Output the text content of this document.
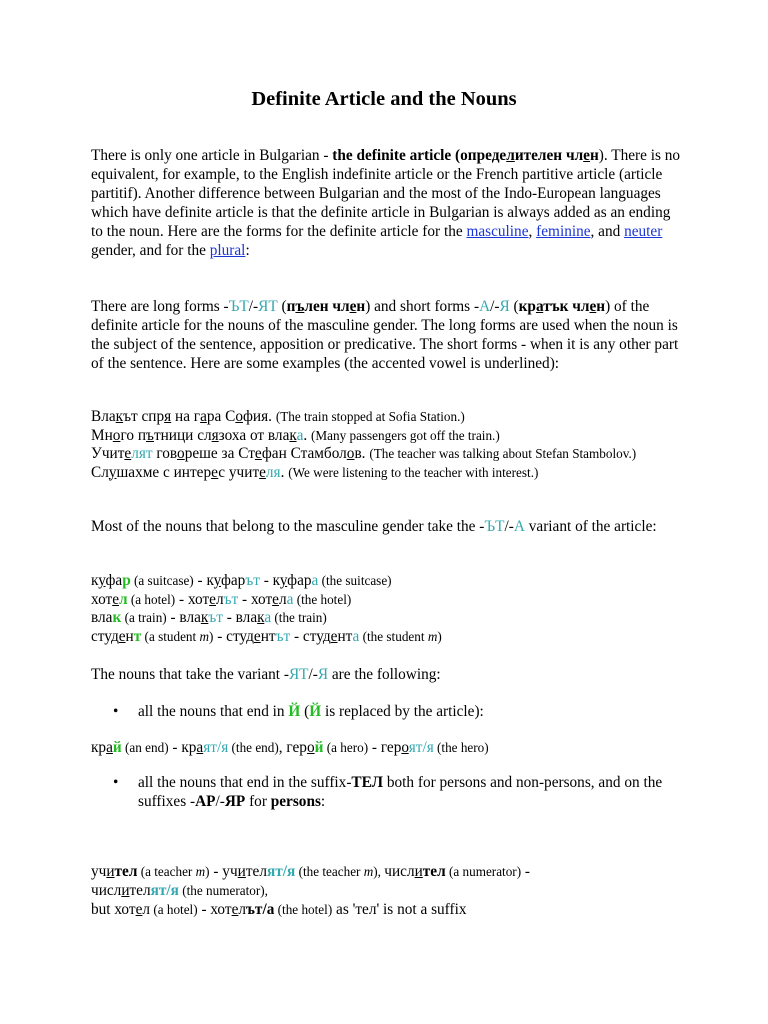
Definite Article and the Nouns

There is only one article in Bulgarian - the definite article (определителен член). There is no equivalent, for example, to the English indefinite article or the French partitive article (article partitif). Another difference between Bulgarian and the most of the Indo-European languages which have definite article is that the definite article in Bulgarian is always added as an ending to the noun. Here are the forms for the definite article for the masculine, feminine, and neuter gender, and for the plural:

There are long forms -ЪТ/-ЯТ (пълен член) and short forms -А/-Я (кратък член) of the definite article for the nouns of the masculine gender. The long forms are used when the noun is the subject of the sentence, apposition or predicative. The short forms - when it is any other part of the sentence. Here are some examples (the accented vowel is underlined):

Влакът спря на гара София. (The train stopped at Sofia Station.)
Много пътници слязоха от влака. (Many passengers got off the train.)
Учителят говореше за Стефан Стамболов. (The teacher was talking about Stefan Stambolov.)
Слушахме с интерес учителя. (We were listening to the teacher with interest.)

Most of the nouns that belong to the masculine gender take the -ЪТ/-А variant of the article:

куфар (a suitcase) - куфарът - куфара (the suitcase)
хотел (a hotel) - хотелът - хотела (the hotel)
влак (a train) - влакът - влака (the train)
студент (a student m) - студентът - студента (the student m)

The nouns that take the variant -ЯТ/-Я are the following:

• all the nouns that end in Й (Й is replaced by the article):

край (an end) - краят/я (the end), герой (a hero) - героят/я (the hero)

• all the nouns that end in the suffix-ТЕЛ both for persons and non-persons, and on the suffixes -АР/-ЯР for persons:

учител (a teacher m) - учителят/я (the teacher m), числител (a numerator) -
числителят/я (the numerator),
but хотел (a hotel) - хотелът/а (the hotel) as 'тел' is not a suffix
